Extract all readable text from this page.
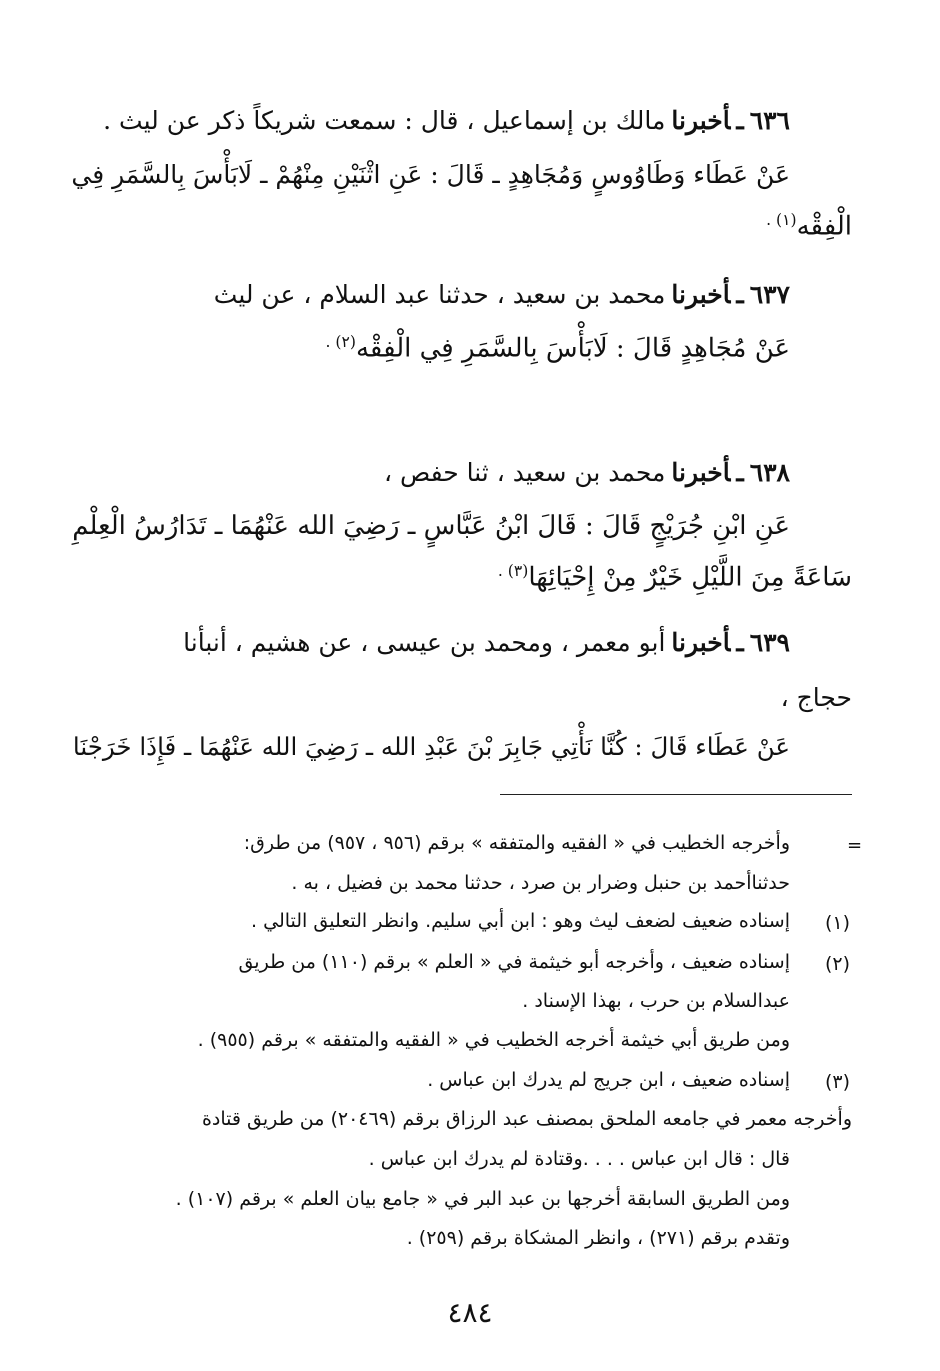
٦٣٦ـأخبرنامالك بن إسماعيل ، قال : سمعت شريكاً ذكر عن ليث .
عَنْ عَطَاء وَطَاوُوسٍ وَمُجَاهِدٍ ـ قَالَ : عَنِ اثْنَيْنِ مِنْهُمْ ـ لَابَأْسَ بِالسَّمَرِ فِي
الْفِقْه$^{(١) .}$
٦٣٧ـأخبرنامحمد بن سعيد ، حدثنا عبد السلام ، عن ليث
عَنْ مُجَاهِدٍ قَالَ : لَابَأْسَ بِالسَّمَرِ فِي الْفِقْه$^{(٢) .}$
٦٣٨ـأخبرنامحمد بن سعيد ، ثنا حفص ،
عَنِ ابْنِ جُرَيْجٍ قَالَ : قَالَ ابْنُ عَبَّاسٍ ـ رَضِيَ الله عَنْهُمَا ـ تَدَارُسُ الْعِلْمِ
سَاعَةً مِنَ اللَّيْلِ خَيْرٌ مِنْ إِحْيَائِهَا$^{(٣) .}$
٦٣٩ـأخبرناأبو معمر ، ومحمد بن عيسى ، عن هشيم ، أنبأنا
حجاج ،
عَنْ عَطَاء قَالَ : كُنَّا نَأْتِي جَابِرَ بْنَ عَبْدِ الله ـ رَضِيَ الله عَنْهُمَا ـ فَإِذَا خَرَجْنَا
=
وأخرجه الخطيب في « الفقيه والمتفقه » برقم (٩٥٦ ، ٩٥٧) من طرق:
حدثناأحمد بن حنبل وضرار بن صرد ، حدثنا محمد بن فضيل ، به .
(١)
إسناده ضعيف لضعف ليث وهو : ابن أبي سليم. وانظر التعليق التالي .
(٢)
إسناده ضعيف ، وأخرجه أبو خيثمة في « العلم » برقم (١١٠) من طريق
عبدالسلام بن حرب ، بهذا الإسناد .
ومن طريق أبي خيثمة أخرجه الخطيب في « الفقيه والمتفقه » برقم (٩٥٥) .
(٣)
إسناده ضعيف ، ابن جريج لم يدرك ابن عباس .
وأخرجه معمر في جامعه الملحق بمصنف عبد الرزاق برقم (٢٠٤٦٩) من طريق قتادة
قال : قال ابن عباس . . . .وقتادة لم يدرك ابن عباس .
ومن الطريق السابقة أخرجها بن عبد البر في « جامع بيان العلم » برقم (١٠٧) .
وتقدم برقم (٢٧١) ، وانظر المشكاة برقم (٢٥٩) .
٤٨٤
